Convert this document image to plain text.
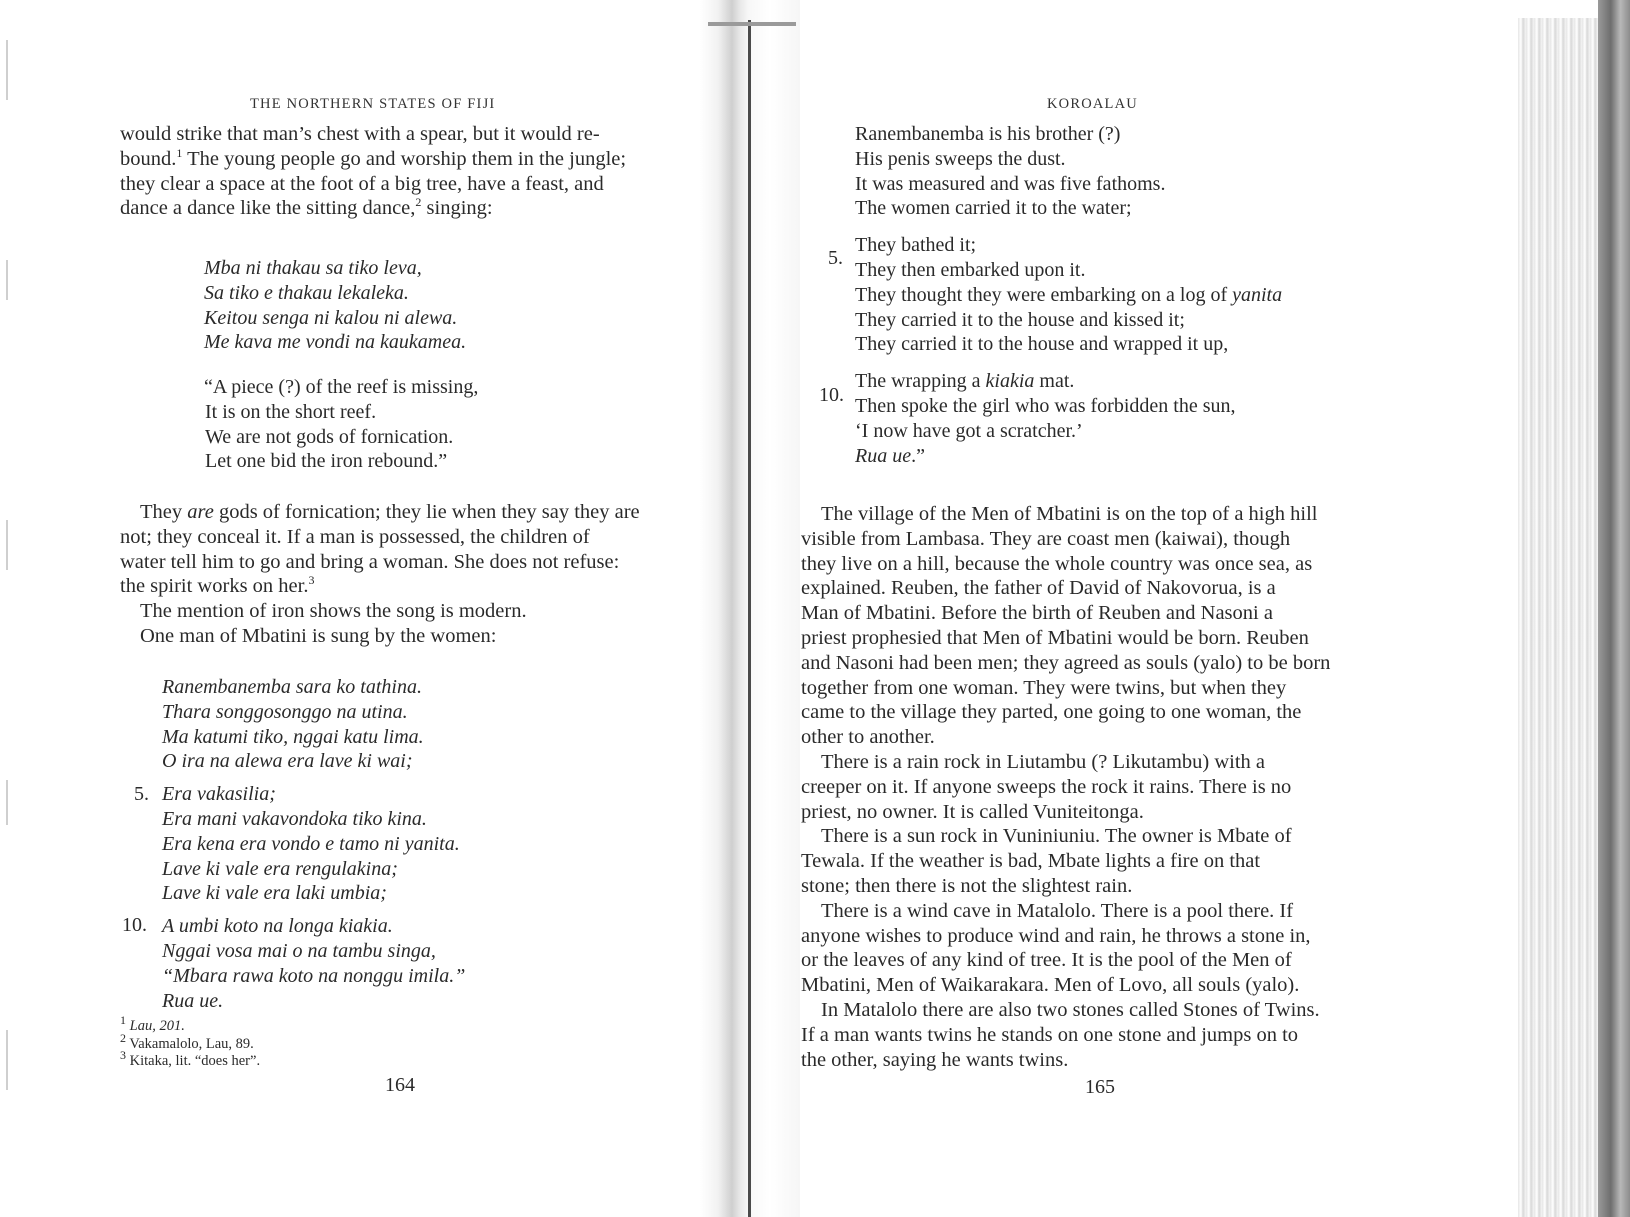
THE NORTHERN STATES OF FIJI
would strike that man’s chest with a spear, but it would re-
bound.$^1$ The young people go and worship them in the jungle;
they clear a space at the foot of a big tree, have a feast, and
dance a dance like the sitting dance,$^2$ singing:
Mba ni thakau sa tiko leva,
Sa tiko e thakau lekaleka.
Keitou senga ni kalou ni alewa.
Me kava me vondi na kaukamea.
“A piece (?) of the reef is missing,
It is on the short reef.
We are not gods of fornication.
Let one bid the iron rebound.”
They are gods of fornication; they lie when they say they are
not; they conceal it. If a man is possessed, the children of
water tell him to go and bring a woman. She does not refuse:
the spirit works on her.$^3$
The mention of iron shows the song is modern.
One man of Mbatini is sung by the women:
Ranembanemba sara ko tathina.
Thara songgosonggo na utina.
Ma katumi tiko, nggai katu lima.
O ira na alewa era lave ki wai;
Era vakasilia;
Era mani vakavondoka tiko kina.
Era kena era vondo e tamo ni yanita.
Lave ki vale era rengulakina;
Lave ki vale era laki umbia;
A umbi koto na longa kiakia.
Nggai vosa mai o na tambu singa,
“Mbara rawa koto na nonggu imila.”
Rua ue.
5.
10.
$^1$ Lau, 201.
$^2$ Vakamalolo, Lau, 89.
$^3$ Kitaka, lit. “does her”.
164
KOROALAU
Ranembanemba is his brother (?)
His penis sweeps the dust.
It was measured and was five fathoms.
The women carried it to the water;
They bathed it;
They then embarked upon it.
They thought they were embarking on a log of yanita
They carried it to the house and kissed it;
They carried it to the house and wrapped it up,
The wrapping a kiakia mat.
Then spoke the girl who was forbidden the sun,
‘I now have got a scratcher.’
Rua ue.”
5.
10.
The village of the Men of Mbatini is on the top of a high hill
visible from Lambasa. They are coast men (kaiwai), though
they live on a hill, because the whole country was once sea, as
explained. Reuben, the father of David of Nakovorua, is a
Man of Mbatini. Before the birth of Reuben and Nasoni a
priest prophesied that Men of Mbatini would be born. Reuben
and Nasoni had been men; they agreed as souls (yalo) to be born
together from one woman. They were twins, but when they
came to the village they parted, one going to one woman, the
other to another.
There is a rain rock in Liutambu (? Likutambu) with a
creeper on it. If anyone sweeps the rock it rains. There is no
priest, no owner. It is called Vuniteitonga.
There is a sun rock in Vuniniuniu. The owner is Mbate of
Tewala. If the weather is bad, Mbate lights a fire on that
stone; then there is not the slightest rain.
There is a wind cave in Matalolo. There is a pool there. If
anyone wishes to produce wind and rain, he throws a stone in,
or the leaves of any kind of tree. It is the pool of the Men of
Mbatini, Men of Waikarakara. Men of Lovo, all souls (yalo).
In Matalolo there are also two stones called Stones of Twins.
If a man wants twins he stands on one stone and jumps on to
the other, saying he wants twins.
165
